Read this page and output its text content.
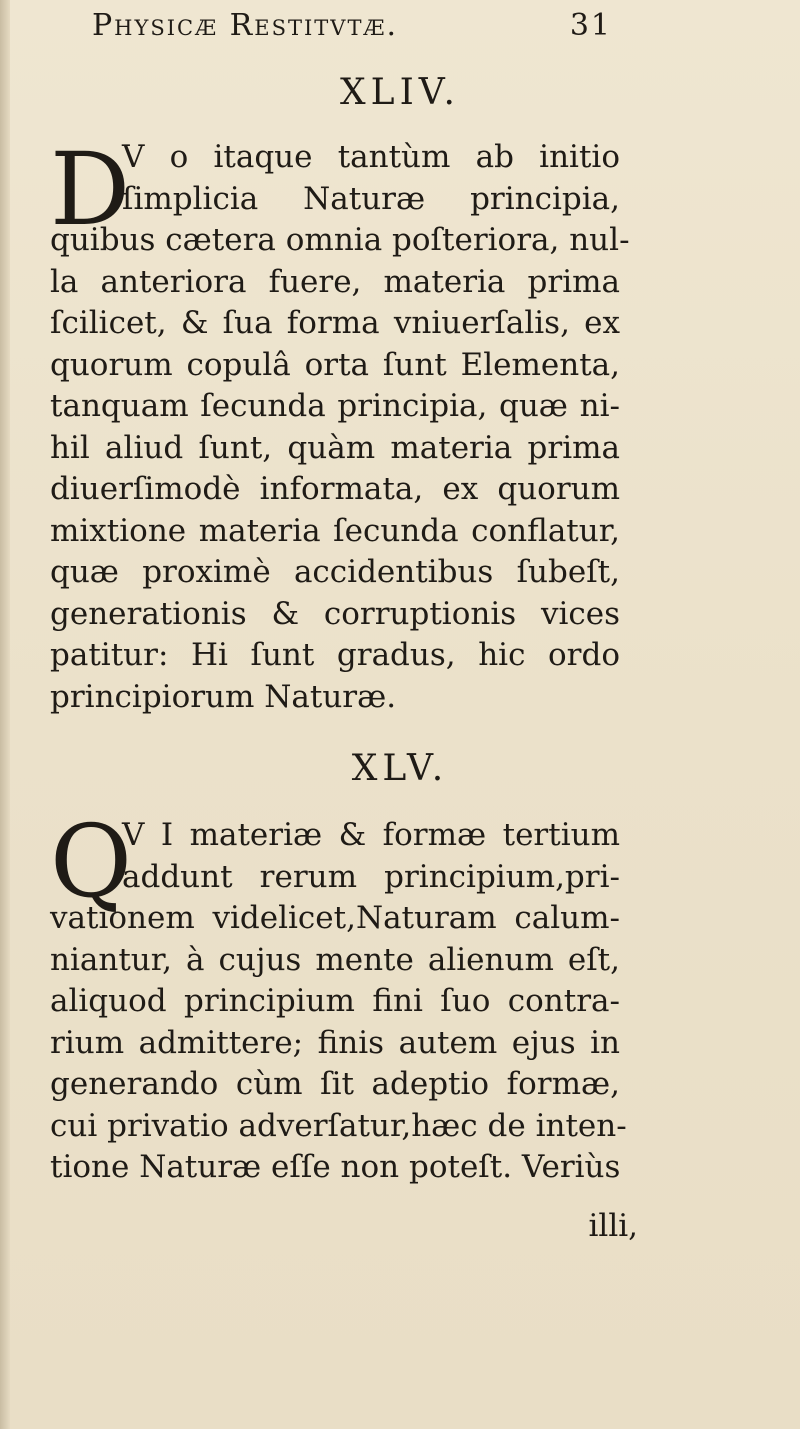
Physicæ Restitvtæ.	31
XLIV.
D
V o itaque tantùm ab initio
ſimplicia Naturæ principia,
quibus cætera omnia poſteriora, nul-
la anteriora fuere, materia prima
ſcilicet, & ſua forma vniuerſalis, ex
quorum copulâ orta ſunt Elementa,
tanquam ſecunda principia, quæ ni-
hil aliud ſunt, quàm materia prima
diuerſimodè informata, ex quorum
mixtione materia ſecunda conflatur,
quæ proximè accidentibus ſubeſt,
generationis & corruptionis vices
patitur: Hi ſunt gradus, hic ordo
principiorum Naturæ.
XLV.
Q
V I materiæ & formæ tertium
addunt rerum principium,pri-
vationem videlicet,Naturam calum-
niantur, à cujus mente alienum eſt,
aliquod principium fini ſuo contra-
rium admittere; finis autem ejus in
generando cùm ſit adeptio formæ,
cui privatio adverſatur,hæc de inten-
tione Naturæ eſſe non poteſt. Veriùs
illi,
